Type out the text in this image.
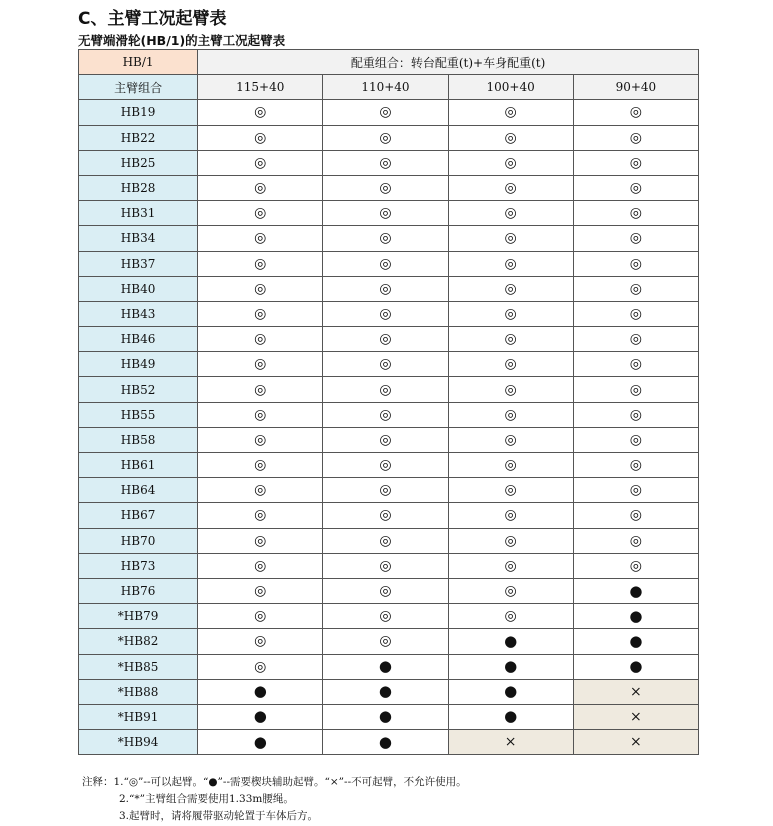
C、主臂工况起臂表
无臂端滑轮(HB/1)的主臂工况起臂表
HB/1	配重组合：转台配重(t)+车身配重(t)			
主臂组合	115+40	110+40	100+40	90+40
HB19	◎	◎	◎	◎
HB22	◎	◎	◎	◎
HB25	◎	◎	◎	◎
HB28	◎	◎	◎	◎
HB31	◎	◎	◎	◎
HB34	◎	◎	◎	◎
HB37	◎	◎	◎	◎
HB40	◎	◎	◎	◎
HB43	◎	◎	◎	◎
HB46	◎	◎	◎	◎
HB49	◎	◎	◎	◎
HB52	◎	◎	◎	◎
HB55	◎	◎	◎	◎
HB58	◎	◎	◎	◎
HB61	◎	◎	◎	◎
HB64	◎	◎	◎	◎
HB67	◎	◎	◎	◎
HB70	◎	◎	◎	◎
HB73	◎	◎	◎	◎
HB76	◎	◎	◎	●
*HB79	◎	◎	◎	●
*HB82	◎	◎	●	●
*HB85	◎	●	●	●
*HB88	●	●	●	×
*HB91	●	●	●	×
*HB94	●	●	×	×
注释：1.“◎”--可以起臂。“●”--需要楔块辅助起臂。“×”--不可起臂，不允许使用。
2.“*”主臂组合需要使用1.33m腰绳。
3.起臂时，请将履带驱动轮置于车体后方。
